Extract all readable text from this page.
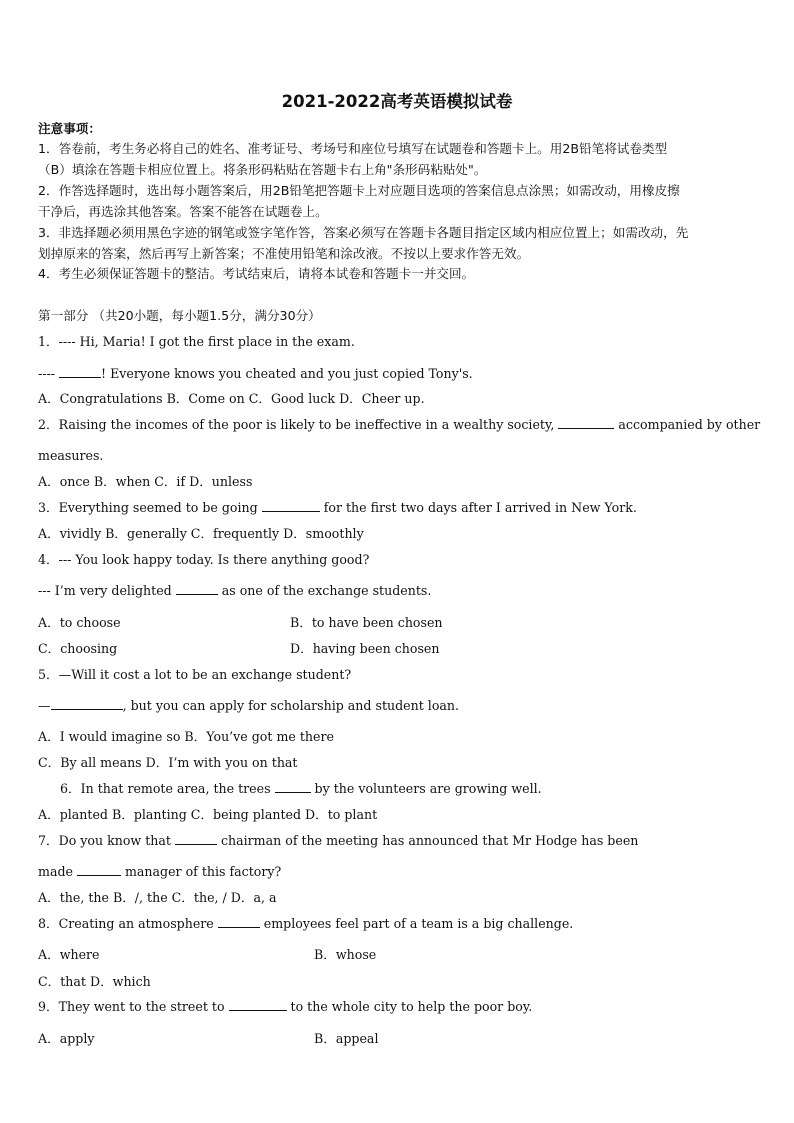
2021-2022高考英语模拟试卷
注意事项：
1．答卷前，考生务必将自己的姓名、准考证号、考场号和座位号填写在试题卷和答题卡上。用2B铅笔将试卷类型
（B）填涂在答题卡相应位置上。将条形码粘贴在答题卡右上角"条形码粘贴处"。
2．作答选择题时，选出每小题答案后，用2B铅笔把答题卡上对应题目选项的答案信息点涂黑；如需改动，用橡皮擦
干净后，再选涂其他答案。答案不能答在试题卷上。
3．非选择题必须用黑色字迹的钢笔或签字笔作答，答案必须写在答题卡各题目指定区域内相应位置上；如需改动，先
划掉原来的答案，然后再写上新答案；不准使用铅笔和涂改液。不按以上要求作答无效。
4．考生必须保证答题卡的整洁。考试结束后，请将本试卷和答题卡一并交回。
第一部分 （共20小题，每小题1.5分，满分30分）
1．---- Hi, Maria! I got the first place in the exam.
----	! Everyone knows you cheated and you just copied Tony's.
A．Congratulations B．Come on C．Good luck D．Cheer up.
2．Raising the incomes of the poor is likely to be ineffective in a wealthy society,	accompanied by other
measures.
A．once B．when C．if D．unless
3．Everything seemed to be going	for the first two days after I arrived in New York.
A．vividly B．generally C．frequently D．smoothly
4．--- You look happy today. Is there anything good?
--- I’m very delighted	as one of the exchange students.
A．to choose	B．to have been chosen
C．choosing	D．having been chosen
5．—Will it cost a lot to be an exchange student?
—	, but you can apply for scholarship and student loan.
A．I would imagine so B．You’ve got me there
C．By all means D．I’m with you on that
6．In that remote area, the trees	by the volunteers are growing well.
A．planted B．planting C．being planted D．to plant
7．Do you know that	chairman of the meeting has announced that Mr Hodge has been
made	manager of this factory?
A．the, the B．/, the C．the, / D．a, a
8．Creating an atmosphere	employees feel part of a team is a big challenge.
A．where	B．whose
C．that D．which
9．They went to the street to	to the whole city to help the poor boy.
A．apply	B．appeal
